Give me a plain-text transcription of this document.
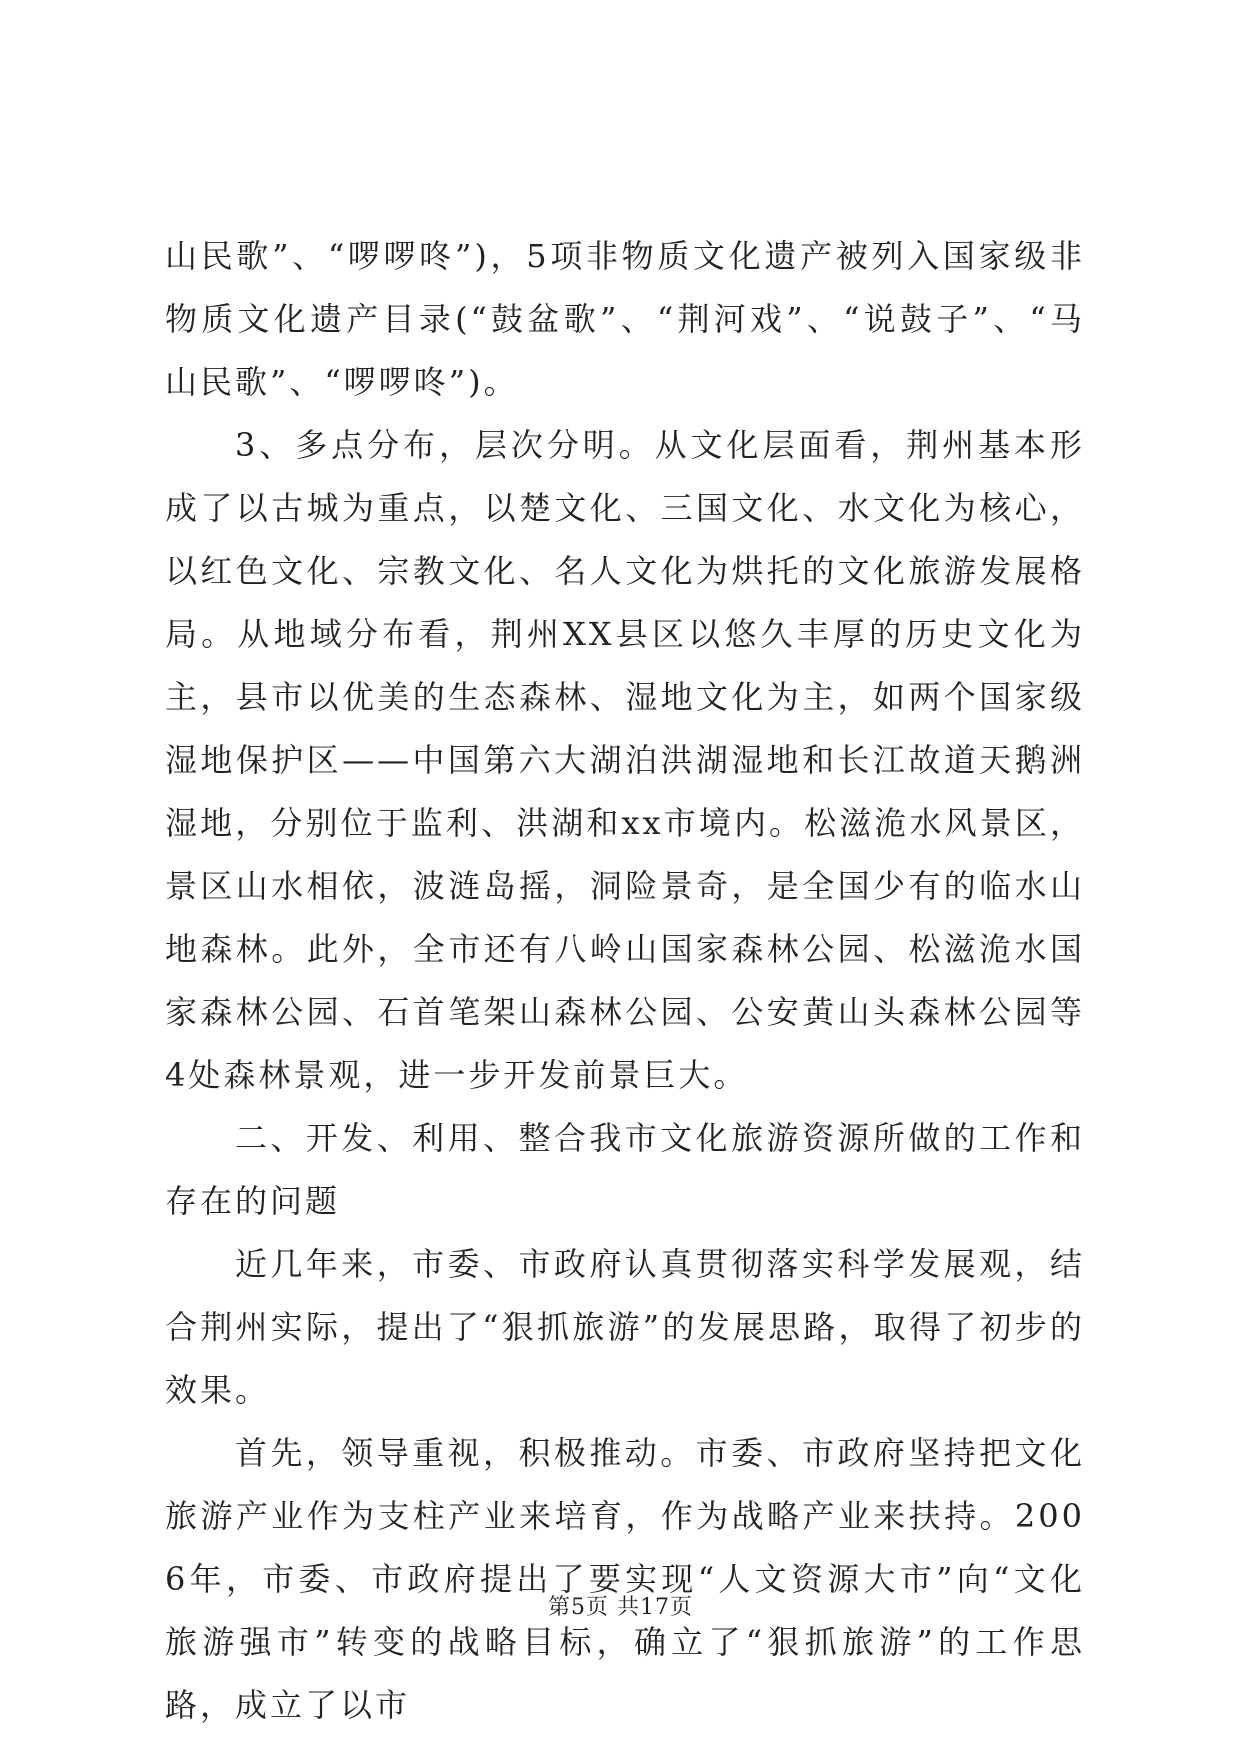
山民歌”、“啰啰咚”)，5项非物质文化遗产被列入国家级非物质文化遗产目录(“鼓盆歌”、“荆河戏”、“说鼓子”、“马山民歌”、“啰啰咚”)。

3、多点分布，层次分明。从文化层面看，荆州基本形成了以古城为重点，以楚文化、三国文化、水文化为核心，以红色文化、宗教文化、名人文化为烘托的文化旅游发展格局。从地域分布看，荆州XX县区以悠久丰厚的历史文化为主，县市以优美的生态森林、湿地文化为主，如两个国家级湿地保护区——中国第六大湖泊洪湖湿地和长江故道天鹅洲湿地，分别位于监利、洪湖和xx市境内。松滋洈水风景区，景区山水相依，波涟岛摇，洞险景奇，是全国少有的临水山地森林。此外，全市还有八岭山国家森林公园、松滋洈水国家森林公园、石首笔架山森林公园、公安黄山头森林公园等4处森林景观，进一步开发前景巨大。

二、开发、利用、整合我市文化旅游资源所做的工作和存在的问题

近几年来，市委、市政府认真贯彻落实科学发展观，结合荆州实际，提出了“狠抓旅游”的发展思路，取得了初步的效果。

首先，领导重视，积极推动。市委、市政府坚持把文化旅游产业作为支柱产业来培育，作为战略产业来扶持。2006年，市委、市政府提出了要实现“人文资源大市”向“文化旅游强市”转变的战略目标，确立了“狠抓旅游”的工作思路，成立了以市

第5页 共17页
